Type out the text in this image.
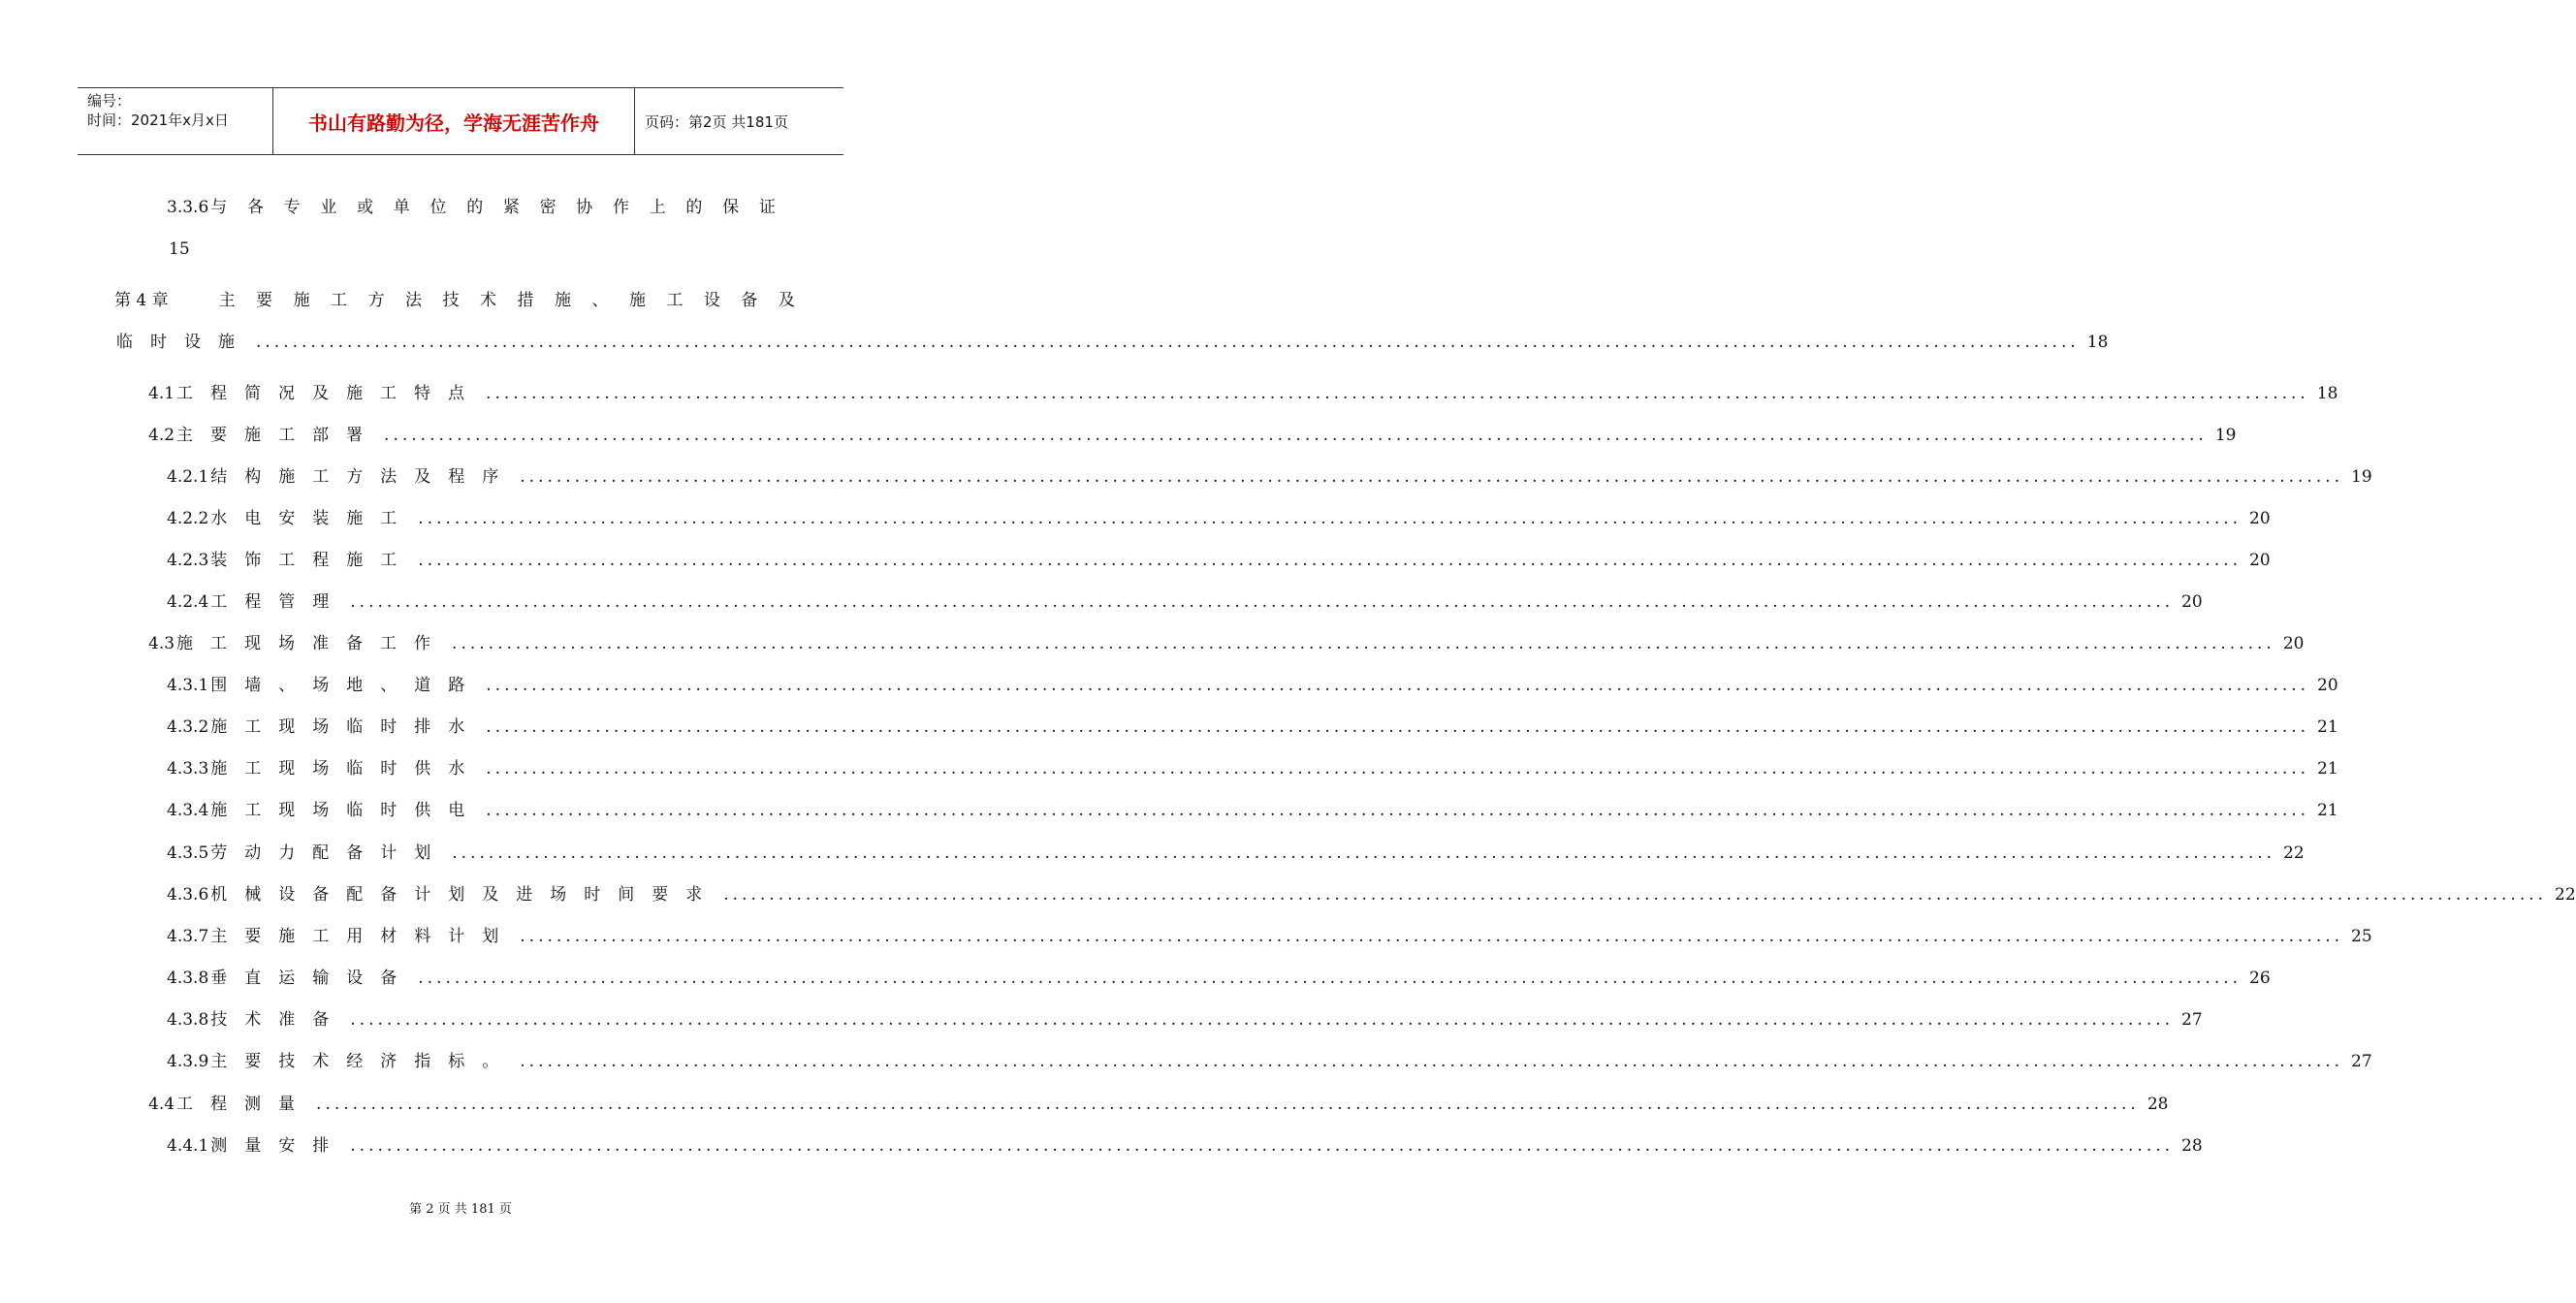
编号：
时间：2021年x月x日	书山有路勤为径，学海无涯苦作舟	页码：第2页 共181页
3.3.6 与 各 专 业 或 单 位 的 紧 密 协 作 上 的 保 证
15
第 4 章	主 要 施 工 方 法 技 术 措 施 、 施 工 设 备 及
临时设施 ........................................................................................................................................................................................................ 18
4.1 工程简况及施工特点 ........................................................................................................................................................................................................ 18
4.2 主要施工部署 ........................................................................................................................................................................................................ 19
4.2.1 结构施工方法及程序 ........................................................................................................................................................................................................ 19
4.2.2 水电安装施工 ........................................................................................................................................................................................................ 20
4.2.3 装饰工程施工 ........................................................................................................................................................................................................ 20
4.2.4 工程管理 ........................................................................................................................................................................................................ 20
4.3 施工现场准备工作 ........................................................................................................................................................................................................ 20
4.3.1 围墙、场地、道路 ........................................................................................................................................................................................................ 20
4.3.2 施工现场临时排水 ........................................................................................................................................................................................................ 21
4.3.3 施工现场临时供水 ........................................................................................................................................................................................................ 21
4.3.4 施工现场临时供电 ........................................................................................................................................................................................................ 21
4.3.5 劳动力配备计划 ........................................................................................................................................................................................................ 22
4.3.6 机械设备配备计划及进场时间要求 ........................................................................................................................................................................................................ 22
4.3.7 主要施工用材料计划 ........................................................................................................................................................................................................ 25
4.3.8 垂直运输设备 ........................................................................................................................................................................................................ 26
4.3.8 技术准备 ........................................................................................................................................................................................................ 27
4.3.9 主要技术经济指标。 ........................................................................................................................................................................................................ 27
4.4 工程测量 ........................................................................................................................................................................................................ 28
4.4.1 测量安排 ........................................................................................................................................................................................................ 28
第 2 页 共 181 页
